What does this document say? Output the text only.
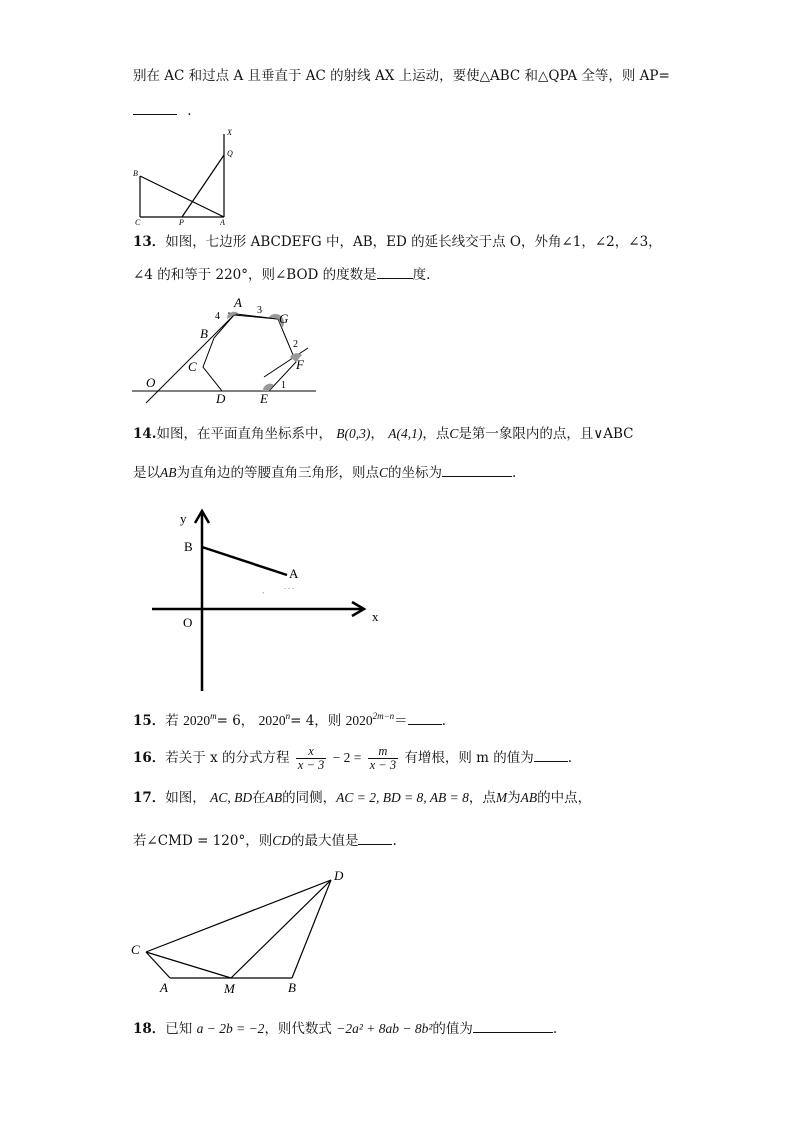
别在 AC 和过点 A 且垂直于 AC 的射线 AX 上运动，要使△ABC 和△QPA 全等，则 AP=
.
X
Q
B
C	P	A
13．如图，七边形 ABCDEFG 中，AB，ED 的延长线交于点 O，外角∠1，∠2，∠3，
∠4 的和等于 220°，则∠BOD 的度数是	度.
A
B
C
D	E
F
G
O	1
2
3
4
14.如图，在平面直角坐标系中， B(0,3)， A(4,1)，点C是第一象限内的点，且∨ABC
是以AB为直角边的等腰直角三角形，则点C的坐标为	.
`
. . .
y
x
B
A
O
15．若 $2020^m= 6$， $2020^n= 4$，则 $2020^{2m-n}=$	.
16．若关于 x 的分式方程 $\frac{x}{x - 3} - 2 = \frac{m}{x - 3}$ 有增根，则 m 的值为	.
17．如图， AC, BD在AB的同侧，AC = 2, BD = 8, AB = 8，点M为AB的中点，
若∠CMD = 120°，则CD的最大值是	.
D
C
A	M	B
18．已知 a − 2b = −2，则代数式 −2a² + 8ab − 8b²的值为	.
